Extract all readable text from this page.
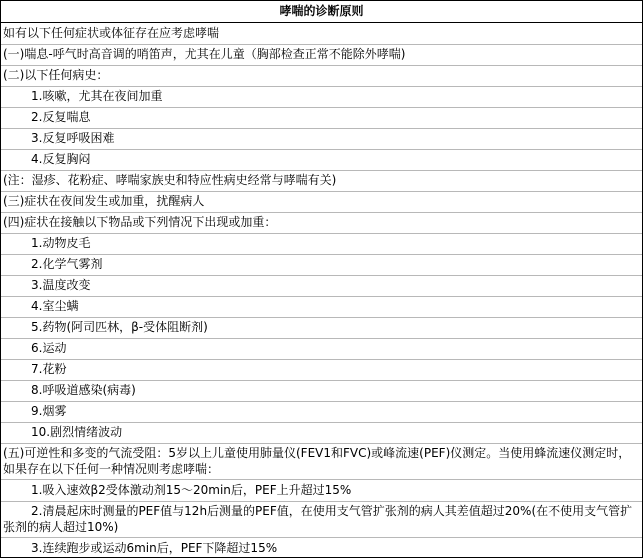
哮喘的诊断原则
如有以下任何症状或体征存在应考虑哮喘
(一)喘息-呼气时高音调的哨笛声，尤其在儿童（胸部检查正常不能除外哮喘)
(二)以下任何病史：
1.咳嗽，尤其在夜间加重
2.反复喘息
3.反复呼吸困难
4.反复胸闷
(注：湿疹、花粉症、哮喘家族史和特应性病史经常与哮喘有关)
(三)症状在夜间发生或加重，扰醒病人
(四)症状在接触以下物品或下列情况下出现或加重：
1.动物皮毛
2.化学气雾剂
3.温度改变
4.室尘螨
5.药物(阿司匹林，β-受体阻断剂)
6.运动
7.花粉
8.呼吸道感染(病毒)
9.烟雾
10.剧烈情绪波动
(五)可逆性和多变的气流受阻：5岁以上儿童使用肺量仪(FEV1和FVC)或峰流速(PEF)仪测定。当使用蜂流速仪测定时，如果存在以下任何一种情况则考虑哮喘：
1.吸入速效β2受体激动剂15～20min后，PEF上升超过15%
2.清晨起床时测量的PEF值与12h后测量的PEF值，在使用支气管扩张剂的病人其差值超过20%(在不使用支气管扩张剂的病人超过10%)
3.连续跑步或运动6min后，PEF下降超过15%
